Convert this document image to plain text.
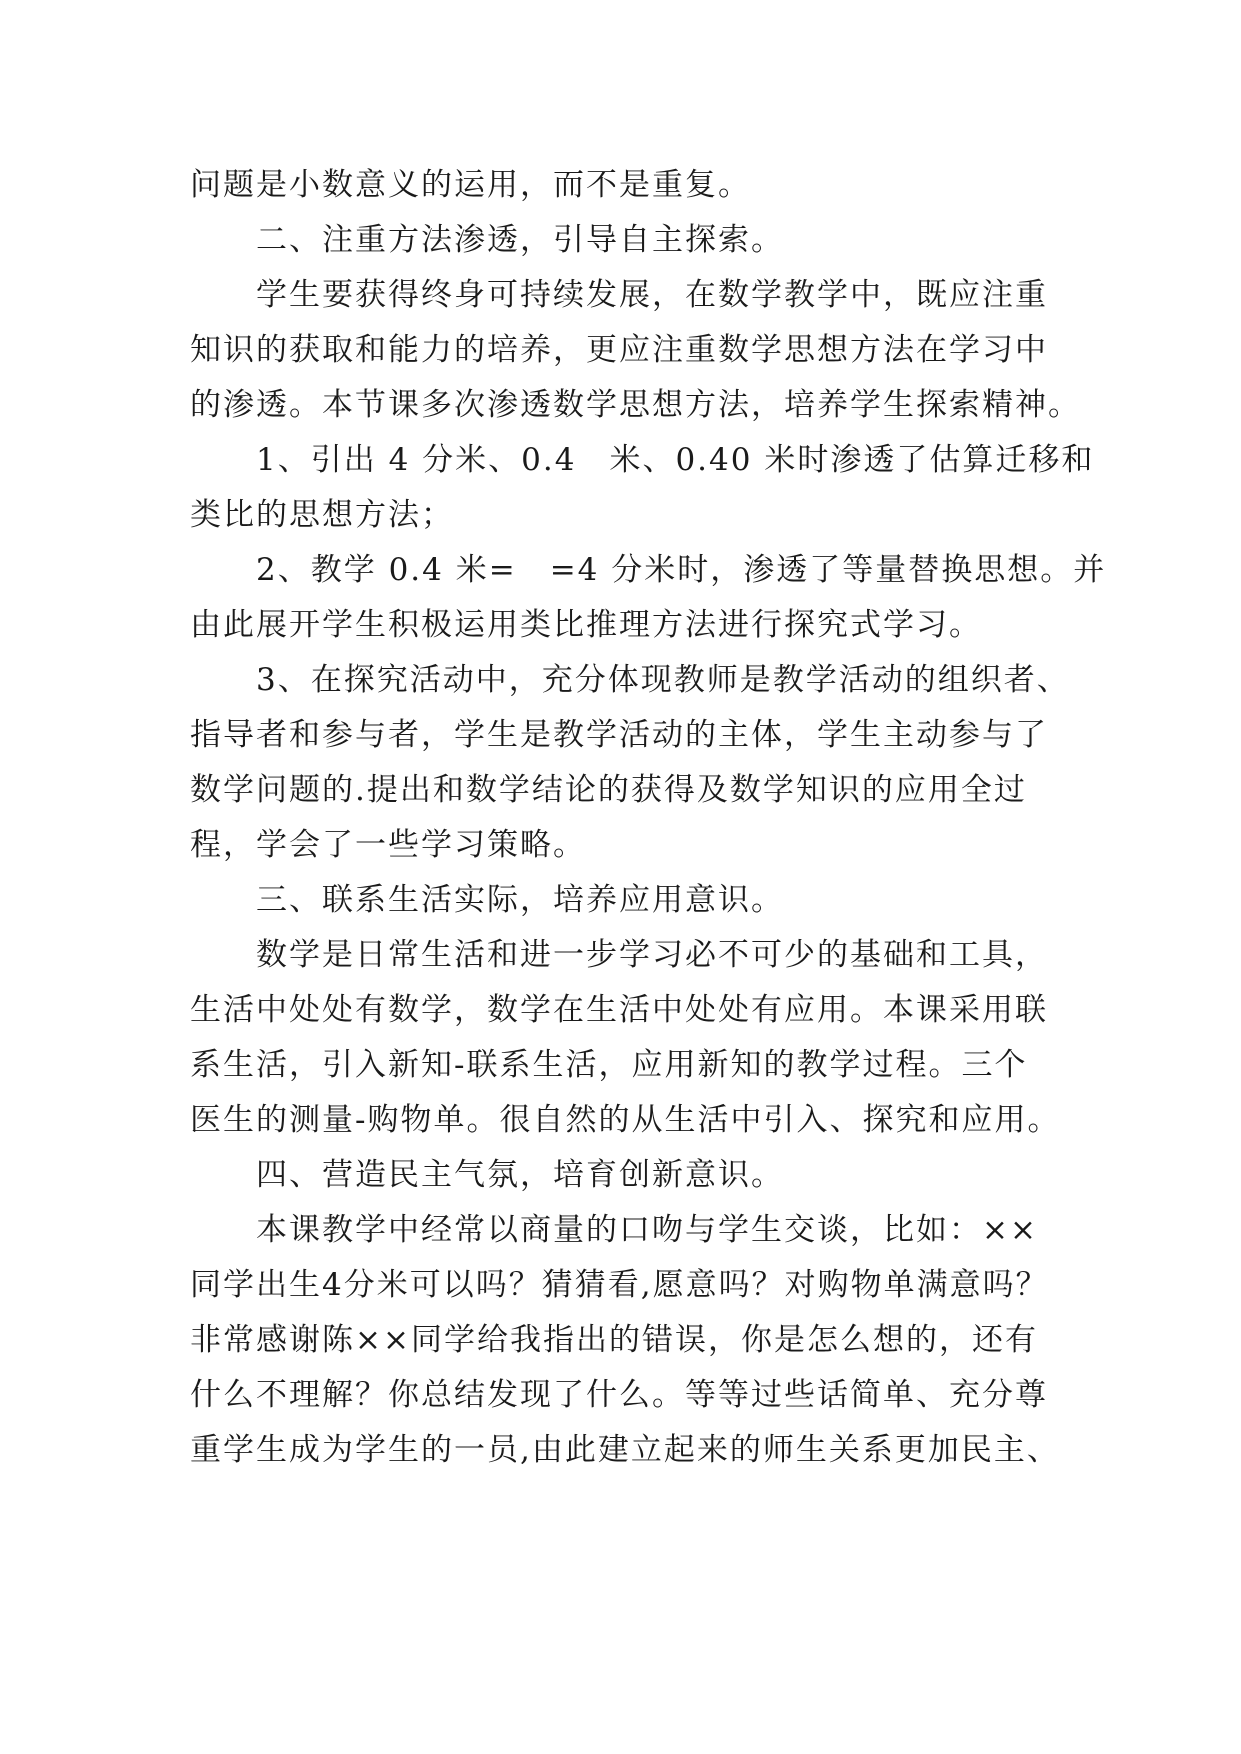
问题是小数意义的运用，而不是重复。
二、注重方法渗透，引导自主探索。
学生要获得终身可持续发展，在数学教学中，既应注重
知识的获取和能力的培养，更应注重数学思想方法在学习中
的渗透。本节课多次渗透数学思想方法，培养学生探索精神。
1、引出 4 分米、0.4　米、0.40 米时渗透了估算迁移和
类比的思想方法；
2、教学 0.4 米=　=4 分米时，渗透了等量替换思想。并
由此展开学生积极运用类比推理方法进行探究式学习。
3、在探究活动中，充分体现教师是教学活动的组织者、
指导者和参与者，学生是教学活动的主体，学生主动参与了
数学问题的.提出和数学结论的获得及数学知识的应用全过
程，学会了一些学习策略。
三、联系生活实际，培养应用意识。
数学是日常生活和进一步学习必不可少的基础和工具，
生活中处处有数学，数学在生活中处处有应用。本课采用联
系生活，引入新知-联系生活，应用新知的教学过程。三个
医生的测量-购物单。很自然的从生活中引入、探究和应用。
四、营造民主气氛，培育创新意识。
本课教学中经常以商量的口吻与学生交谈，比如：××
同学出生4分米可以吗？猜猜看,愿意吗？对购物单满意吗？
非常感谢陈××同学给我指出的错误，你是怎么想的，还有
什么不理解？你总结发现了什么。等等过些话简单、充分尊
重学生成为学生的一员,由此建立起来的师生关系更加民主、
